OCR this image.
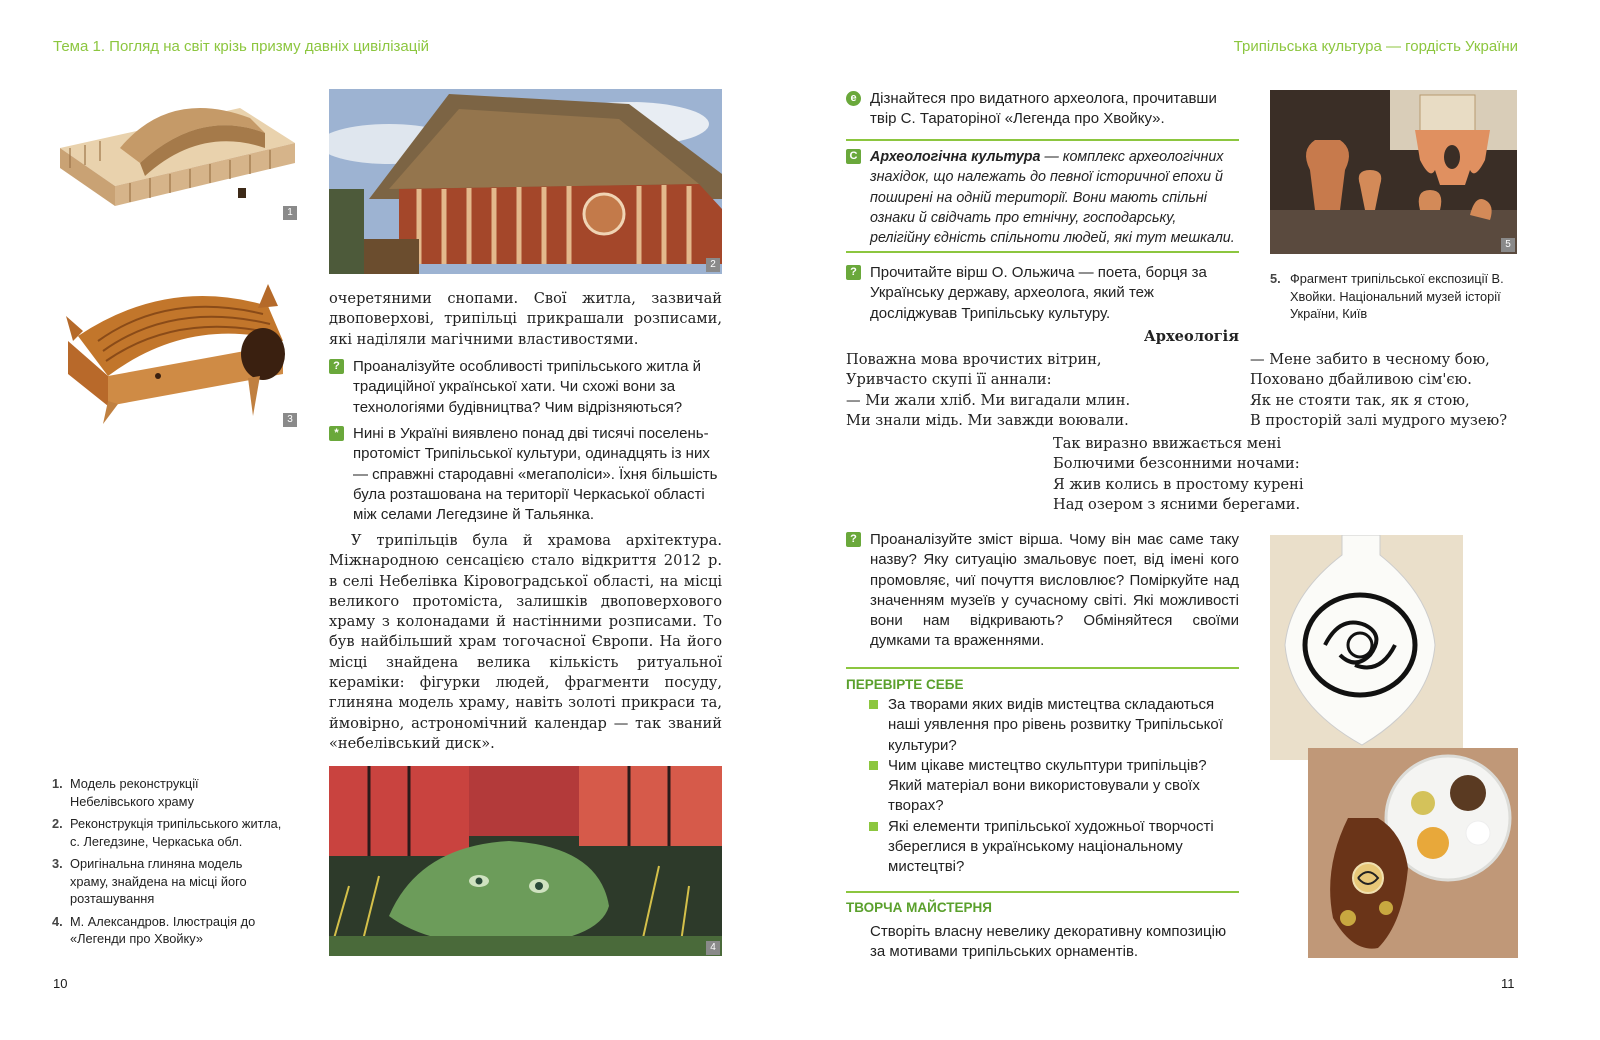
Тема 1. Погляд на світ крізь призму давніх цивілізацій	Трипільська культура — гордість України
1
3
2
очеретяними снопами. Свої житла, зазвичай двоповерхові, трипільці прикрашали розписами, які наділяли магічними властивостями.
? Проаналізуйте особливості трипільського житла й традиційної української хати. Чи схожі вони за технологіями будівництва? Чим відрізняються?
* Нині в Україні виявлено понад дві тисячі поселень-протоміст Трипільської культури, одинадцять із них — справжні стародавні «мегаполіси». Їхня більшість була розташована на території Черкаської області між селами Легедзине й Тальянка.
У трипільців була й храмова архітектура. Міжнародною сенсацією стало відкриття 2012 р. в селі Небелівка Кіровоградської області, на місці великого протоміста, залишків двоповерхового храму з колонадами й настінними розписами. То був найбільший храм тогочасної Європи. На його місці знайдена велика кількість ритуальної кераміки: фігурки людей, фрагменти посуду, глиняна модель храму, навіть золоті прикраси та, ймовірно, астрономічний календар — так званий «небелівський диск».
4
1. Модель реконструкції Небелівського храму
2. Реконструкція трипільського житла, с. Легедзине, Черкаська обл.
3. Оригінальна глиняна модель храму, знайдена на місці його розташування
4. М. Александров. Ілюстрація до «Легенди про Хвойку»
10
e Дізнайтеся про видатного археолога, прочитавши твір С. Тараторіної «Легенда про Хвойку».
C Археологічна культура — комплекс археологічних знахідок, що належать до певної історичної епохи й поширені на одній території. Вони мають спільні ознаки й свідчать про етнічну, господарську, релігійну єдність спільноти людей, які тут мешкали.
? Прочитайте вірш О. Ольжича — поета, борця за Українську державу, археолога, який теж досліджував Трипільську культуру.
5
5. Фрагмент трипільської експозиції В. Хвойки. Національний музей історії України, Київ
Археологія
Поважна мова врочистих вітрин,
Уривчасто скупі її аннали:
— Ми жали хліб. Ми вигадали млин.
Ми знали мідь. Ми завжди воювали.
— Мене забито в чесному бою,
Поховано дбайливою сім'єю.
Як не стояти так, як я стою,
В просторій залі мудрого музею?
Так виразно ввижається мені
Болючими безсонними ночами:
Я жив колись в простому курені
Над озером з ясними берегами.
? Проаналізуйте зміст вірша. Чому він має саме таку назву? Яку ситуацію змальовує поет, від імені кого промовляє, чиї почуття висловлює? Поміркуйте над значенням музеїв у сучасному світі. Які можливості вони нам відкривають? Обміняйтеся своїми думками та враженнями.
ПЕРЕВІРТЕ СЕБЕ
За творами яких видів мистецтва складаються наші уявлення про рівень розвитку Трипільської культури?
Чим цікаве мистецтво скульптури трипільців? Який матеріал вони використовували у своїх творах?
Які елементи трипільської художньої творчості збереглися в українському національному мистецтві?
ТВОРЧА МАЙСТЕРНЯ
Створіть власну невелику декоративну композицію за мотивами трипільських орнаментів.
11
